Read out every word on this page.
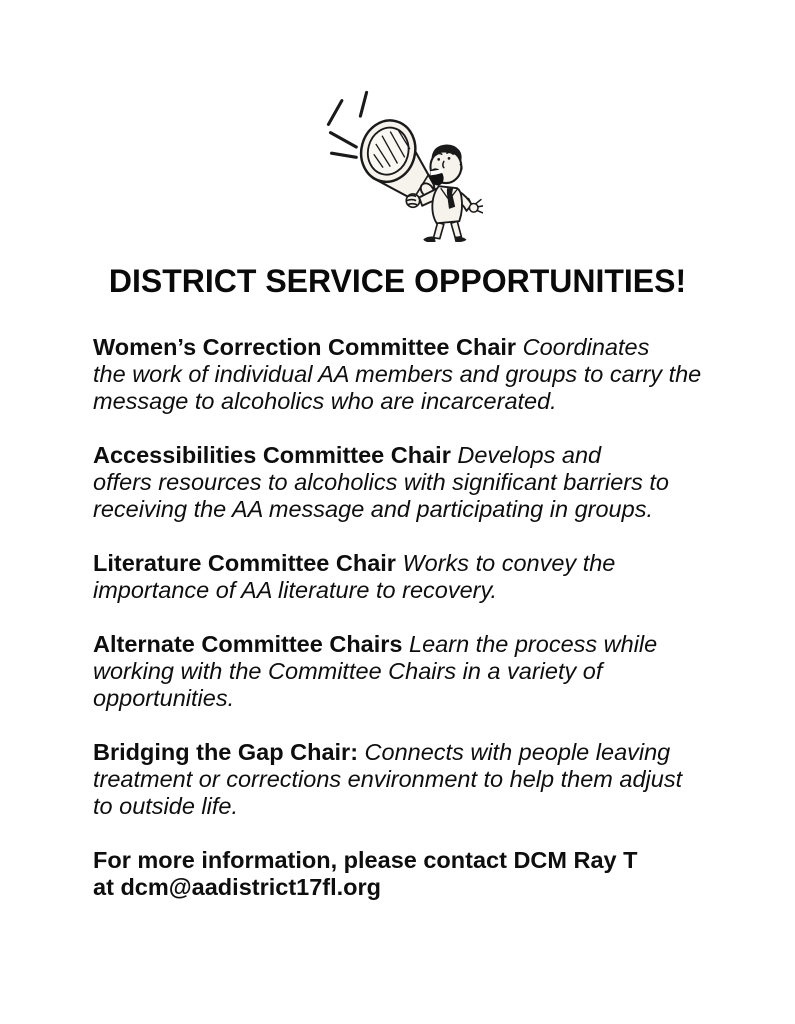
DISTRICT SERVICE OPPORTUNITIES!

Women’s Correction Committee Chair Coordinates
the work of individual AA members and groups to carry the
message to alcoholics who are incarcerated.

Accessibilities Committee Chair Develops and
offers resources to alcoholics with significant barriers to
receiving the AA message and participating in groups.

Literature Committee Chair Works to convey the
importance of AA literature to recovery.

Alternate Committee Chairs Learn the process while
working with the Committee Chairs in a variety of
opportunities.

Bridging the Gap Chair: Connects with people leaving
treatment or corrections environment to help them adjust
to outside life.

For more information, please contact DCM Ray T
at dcm@aadistrict17fl.org
